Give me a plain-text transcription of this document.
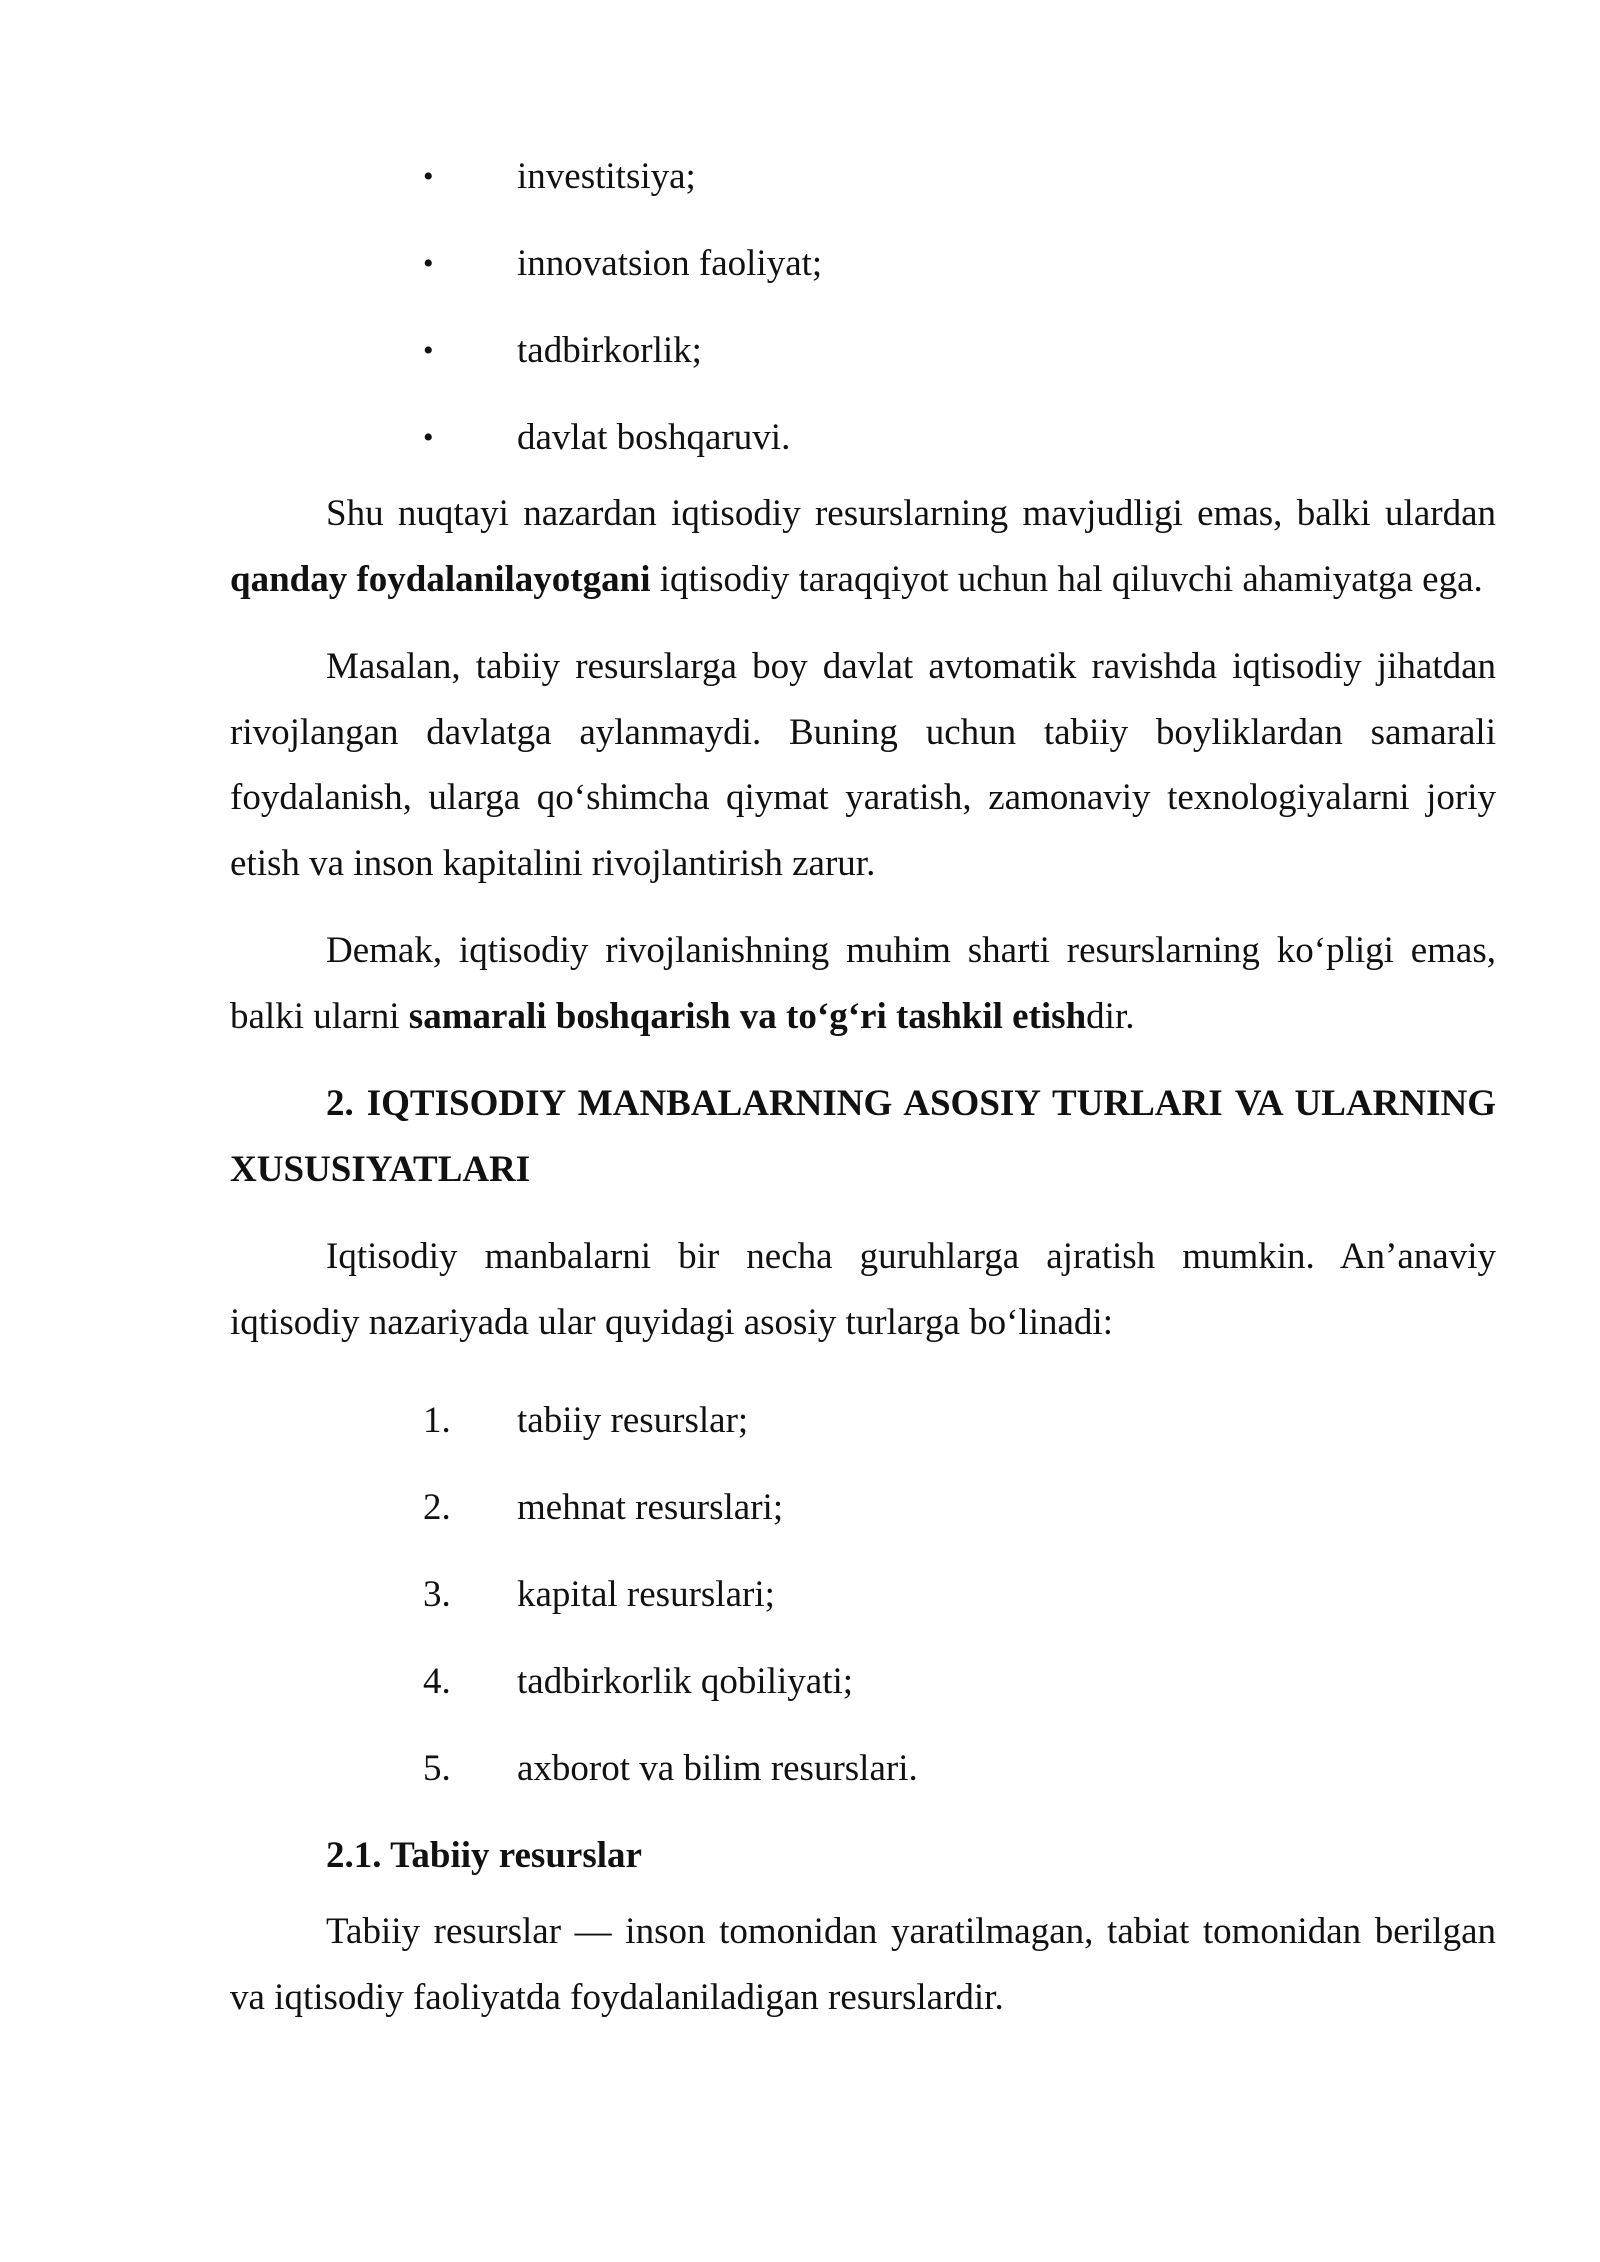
• investitsiya;
• innovatsion faoliyat;
• tadbirkorlik;
• davlat boshqaruvi.

Shu nuqtayi nazardan iqtisodiy resurslarning mavjudligi emas, balki ulardan qanday foydalanilayotgani iqtisodiy taraqqiyot uchun hal qiluvchi ahamiyatga ega.

Masalan, tabiiy resurslarga boy davlat avtomatik ravishda iqtisodiy jihatdan rivojlangan davlatga aylanmaydi. Buning uchun tabiiy boyliklardan samarali foydalanish, ularga qo‘shimcha qiymat yaratish, zamonaviy texnologiyalarni joriy etish va inson kapitalini rivojlantirish zarur.

Demak, iqtisodiy rivojlanishning muhim sharti resurslarning ko‘pligi emas, balki ularni samarali boshqarish va to‘g‘ri tashkil etishdir.

2. IQTISODIY MANBALARNING ASOSIY TURLARI VA ULARNING XUSUSIYATLARI

Iqtisodiy manbalarni bir necha guruhlarga ajratish mumkin. An’anaviy iqtisodiy nazariyada ular quyidagi asosiy turlarga bo‘linadi:

1. tabiiy resurslar;
2. mehnat resurslari;
3. kapital resurslari;
4. tadbirkorlik qobiliyati;
5. axborot va bilim resurslari.
2.1. Tabiiy resurslar

Tabiiy resurslar — inson tomonidan yaratilmagan, tabiat tomonidan berilgan va iqtisodiy faoliyatda foydalaniladigan resurslardir.
